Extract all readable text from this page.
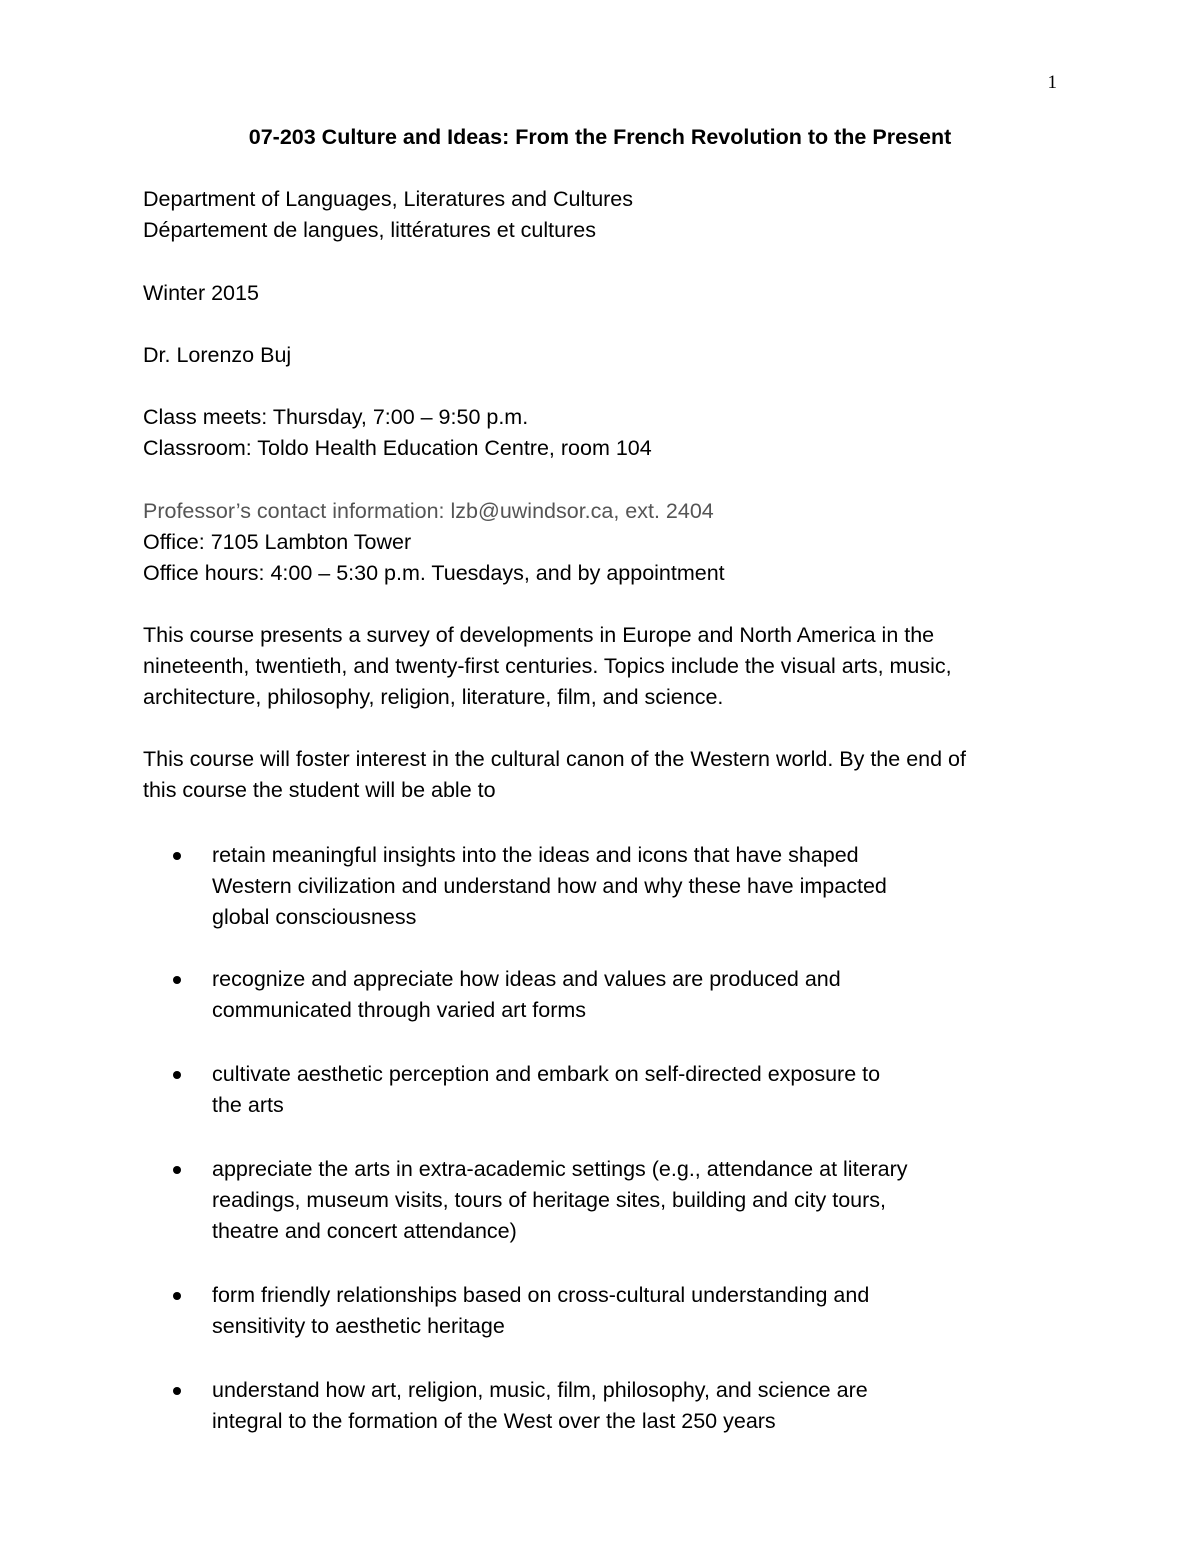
1
07-203 Culture and Ideas: From the French Revolution to the Present
Department of Languages, Literatures and Cultures
Département de langues, littératures et cultures
Winter 2015
Dr. Lorenzo Buj
Class meets: Thursday, 7:00 – 9:50 p.m.
Classroom: Toldo Health Education Centre, room 104
Professor’s contact information: lzb@uwindsor.ca, ext. 2404
Office: 7105 Lambton Tower
Office hours: 4:00 – 5:30 p.m. Tuesdays, and by appointment
This course presents a survey of developments in Europe and North America in the
nineteenth, twentieth, and twenty-first centuries. Topics include the visual arts, music,
architecture, philosophy, religion, literature, film, and science.
This course will foster interest in the cultural canon of the Western world. By the end of
this course the student will be able to
retain meaningful insights into the ideas and icons that have shaped
Western civilization and understand how and why these have impacted
global consciousness
recognize and appreciate how ideas and values are produced and
communicated through varied art forms
cultivate aesthetic perception and embark on self-directed exposure to
the arts
appreciate the arts in extra-academic settings (e.g., attendance at literary
readings, museum visits, tours of heritage sites, building and city tours,
theatre and concert attendance)
form friendly relationships based on cross-cultural understanding and
sensitivity to aesthetic heritage
understand how art, religion, music, film, philosophy, and science are
integral to the formation of the West over the last 250 years
